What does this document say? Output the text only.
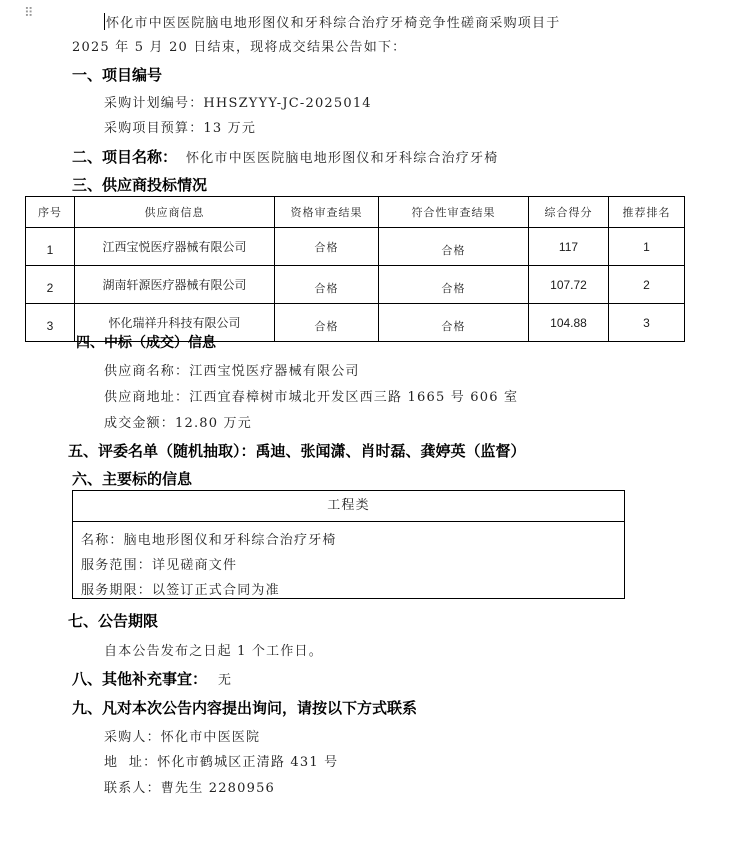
⠿
怀化市中医医院脑电地形图仪和牙科综合治疗牙椅竞争性磋商采购项目于
2025 年 5 月 20 日结束，现将成交结果公告如下：
一、项目编号
采购计划编号：HHSZYYY-JC-2025014
采购项目预算：13 万元
二、项目名称： 怀化市中医医院脑电地形图仪和牙科综合治疗牙椅
三、供应商投标情况
序号	供应商信息	资格审查结果	符合性审查结果	综合得分	推荐排名
1	江西宝悦医疗器械有限公司	合格	合格	117	1
2	湖南轩源医疗器械有限公司	合格	合格	107.72	2
3	怀化瑞祥升科技有限公司	合格	合格	104.88	3
四、中标（成交）信息
供应商名称：江西宝悦医疗器械有限公司
供应商地址：江西宜春樟树市城北开发区西三路 1665 号 606 室
成交金额：12.80 万元
五、评委名单（随机抽取）：禹迪、张闻潇、肖时磊、龚婷英（监督）
六、主要标的信息
工程类
名称：脑电地形图仪和牙科综合治疗牙椅
服务范围：详见磋商文件
服务期限：以签订正式合同为准
七、公告期限
自本公告发布之日起 1 个工作日。
八、其他补充事宜： 无
九、凡对本次公告内容提出询问，请按以下方式联系
采购人：怀化市中医医院
地  址：怀化市鹤城区正清路 431 号
联系人：曹先生 2280956
